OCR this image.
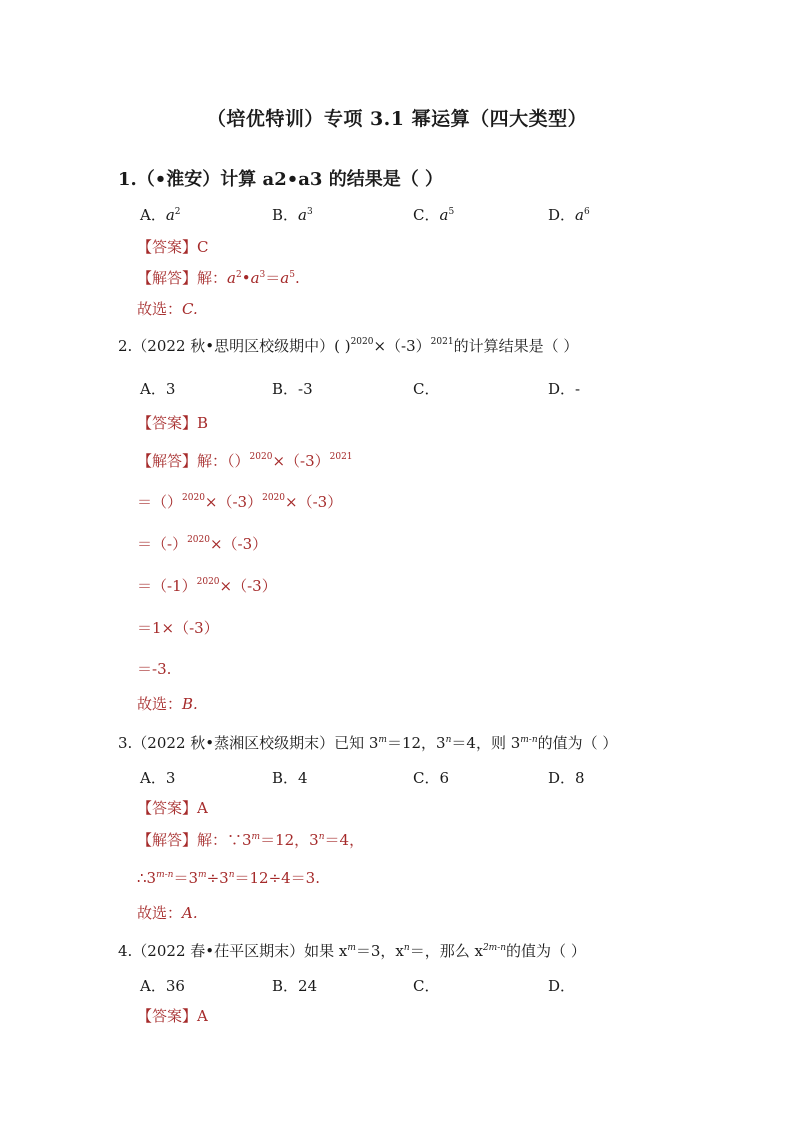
（培优特训）专项 3.1 幂运算（四大类型）
1.（•淮安）计算 a2•a3 的结果是（ ）
A．$a^2$	B．$a^3$	C．$a^5$	D．$a^6$
【答案】C
【解答】解：$a^2•a^3=a^5$.
故选：C.
2.（2022 秋•思明区校级期中）( )$^{2020}\times(-3)^{2021}$的计算结果是（ ）
A．3	B．-3	C．	D．-
【答案】B
【解答】解：$()^{2020}\times(-3)^{2021}$
$=()^{2020}\times(-3)^{2020}\times(-3)$
$=(-)^{2020}\times(-3)$
$=(-1)^{2020}\times(-3)$
＝1×（-3）
＝-3.
故选：B.
3.（2022 秋•蒸湘区校级期末）已知 $3^m=12$，$3^n=4$，则 3$^{m-n}$的值为（ ）
A．3	B．4	C．6	D．8
【答案】A
【解答】解：$\because 3^m=12$，$3^n=4$，
$\therefore 3^{m-n}=3^m\div 3^n=12\div 4=3$.
故选：A.
4.（2022 春•茌平区期末）如果 $x^m=3$，$x^n=$，那么 $x^{2m-n}$的值为（ ）
A．36	B．24	C．	D．
【答案】A
